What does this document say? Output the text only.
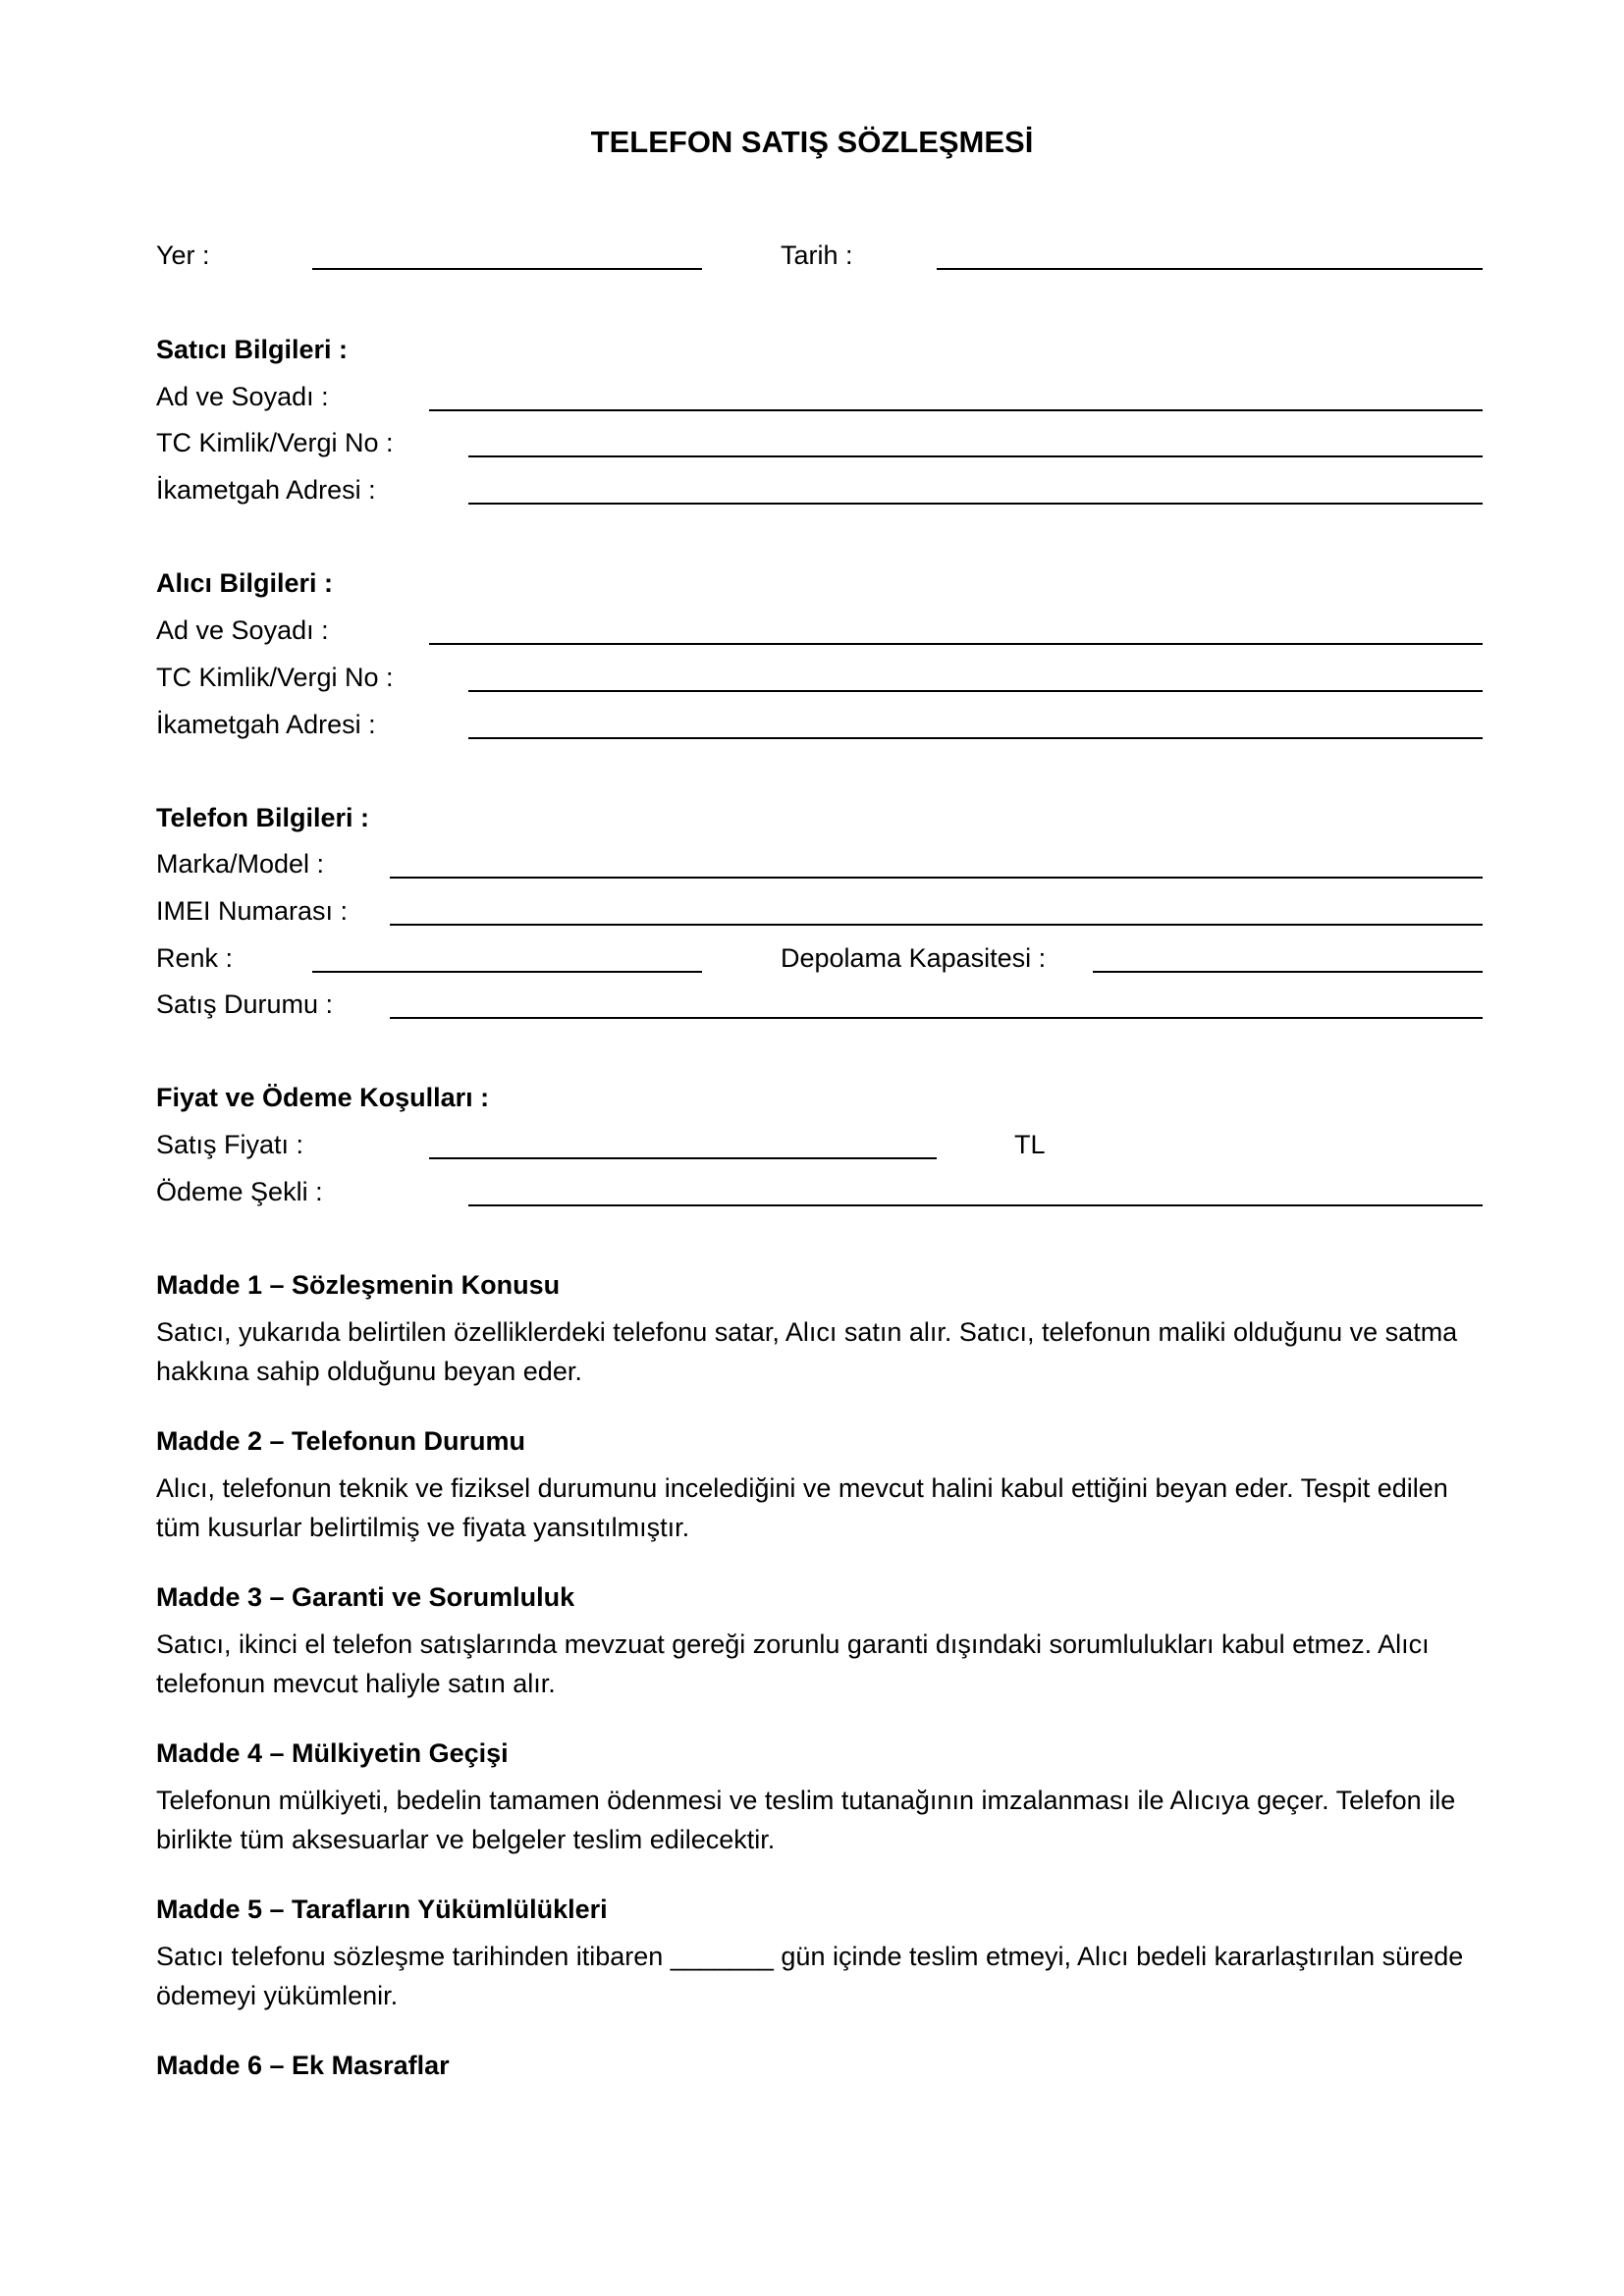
TELEFON SATIŞ SÖZLEŞMESİ
Yer :	Tarih :
Satıcı Bilgileri :
Ad ve Soyadı :
TC Kimlik/Vergi No :
İkametgah Adresi :
Alıcı Bilgileri :
Ad ve Soyadı :
TC Kimlik/Vergi No :
İkametgah Adresi :
Telefon Bilgileri :
Marka/Model :
IMEI Numarası :
Renk :	Depolama Kapasitesi :
Satış Durumu :
Fiyat ve Ödeme Koşulları :
Satış Fiyatı :	TL
Ödeme Şekli :
Madde 1 – Sözleşmenin Konusu
Satıcı, yukarıda belirtilen özelliklerdeki telefonu satar, Alıcı satın alır. Satıcı, telefonun maliki olduğunu ve satma hakkına sahip olduğunu beyan eder.
Madde 2 – Telefonun Durumu
Alıcı, telefonun teknik ve fiziksel durumunu incelediğini ve mevcut halini kabul ettiğini beyan eder. Tespit edilen tüm kusurlar belirtilmiş ve fiyata yansıtılmıştır.
Madde 3 – Garanti ve Sorumluluk
Satıcı, ikinci el telefon satışlarında mevzuat gereği zorunlu garanti dışındaki sorumlulukları kabul etmez. Alıcı telefonun mevcut haliyle satın alır.
Madde 4 – Mülkiyetin Geçişi
Telefonun mülkiyeti, bedelin tamamen ödenmesi ve teslim tutanağının imzalanması ile Alıcıya geçer. Telefon ile birlikte tüm aksesuarlar ve belgeler teslim edilecektir.
Madde 5 – Tarafların Yükümlülükleri
Satıcı telefonu sözleşme tarihinden itibaren _______ gün içinde teslim etmeyi, Alıcı bedeli kararlaştırılan sürede ödemeyi yükümlenir.
Madde 6 – Ek Masraflar
